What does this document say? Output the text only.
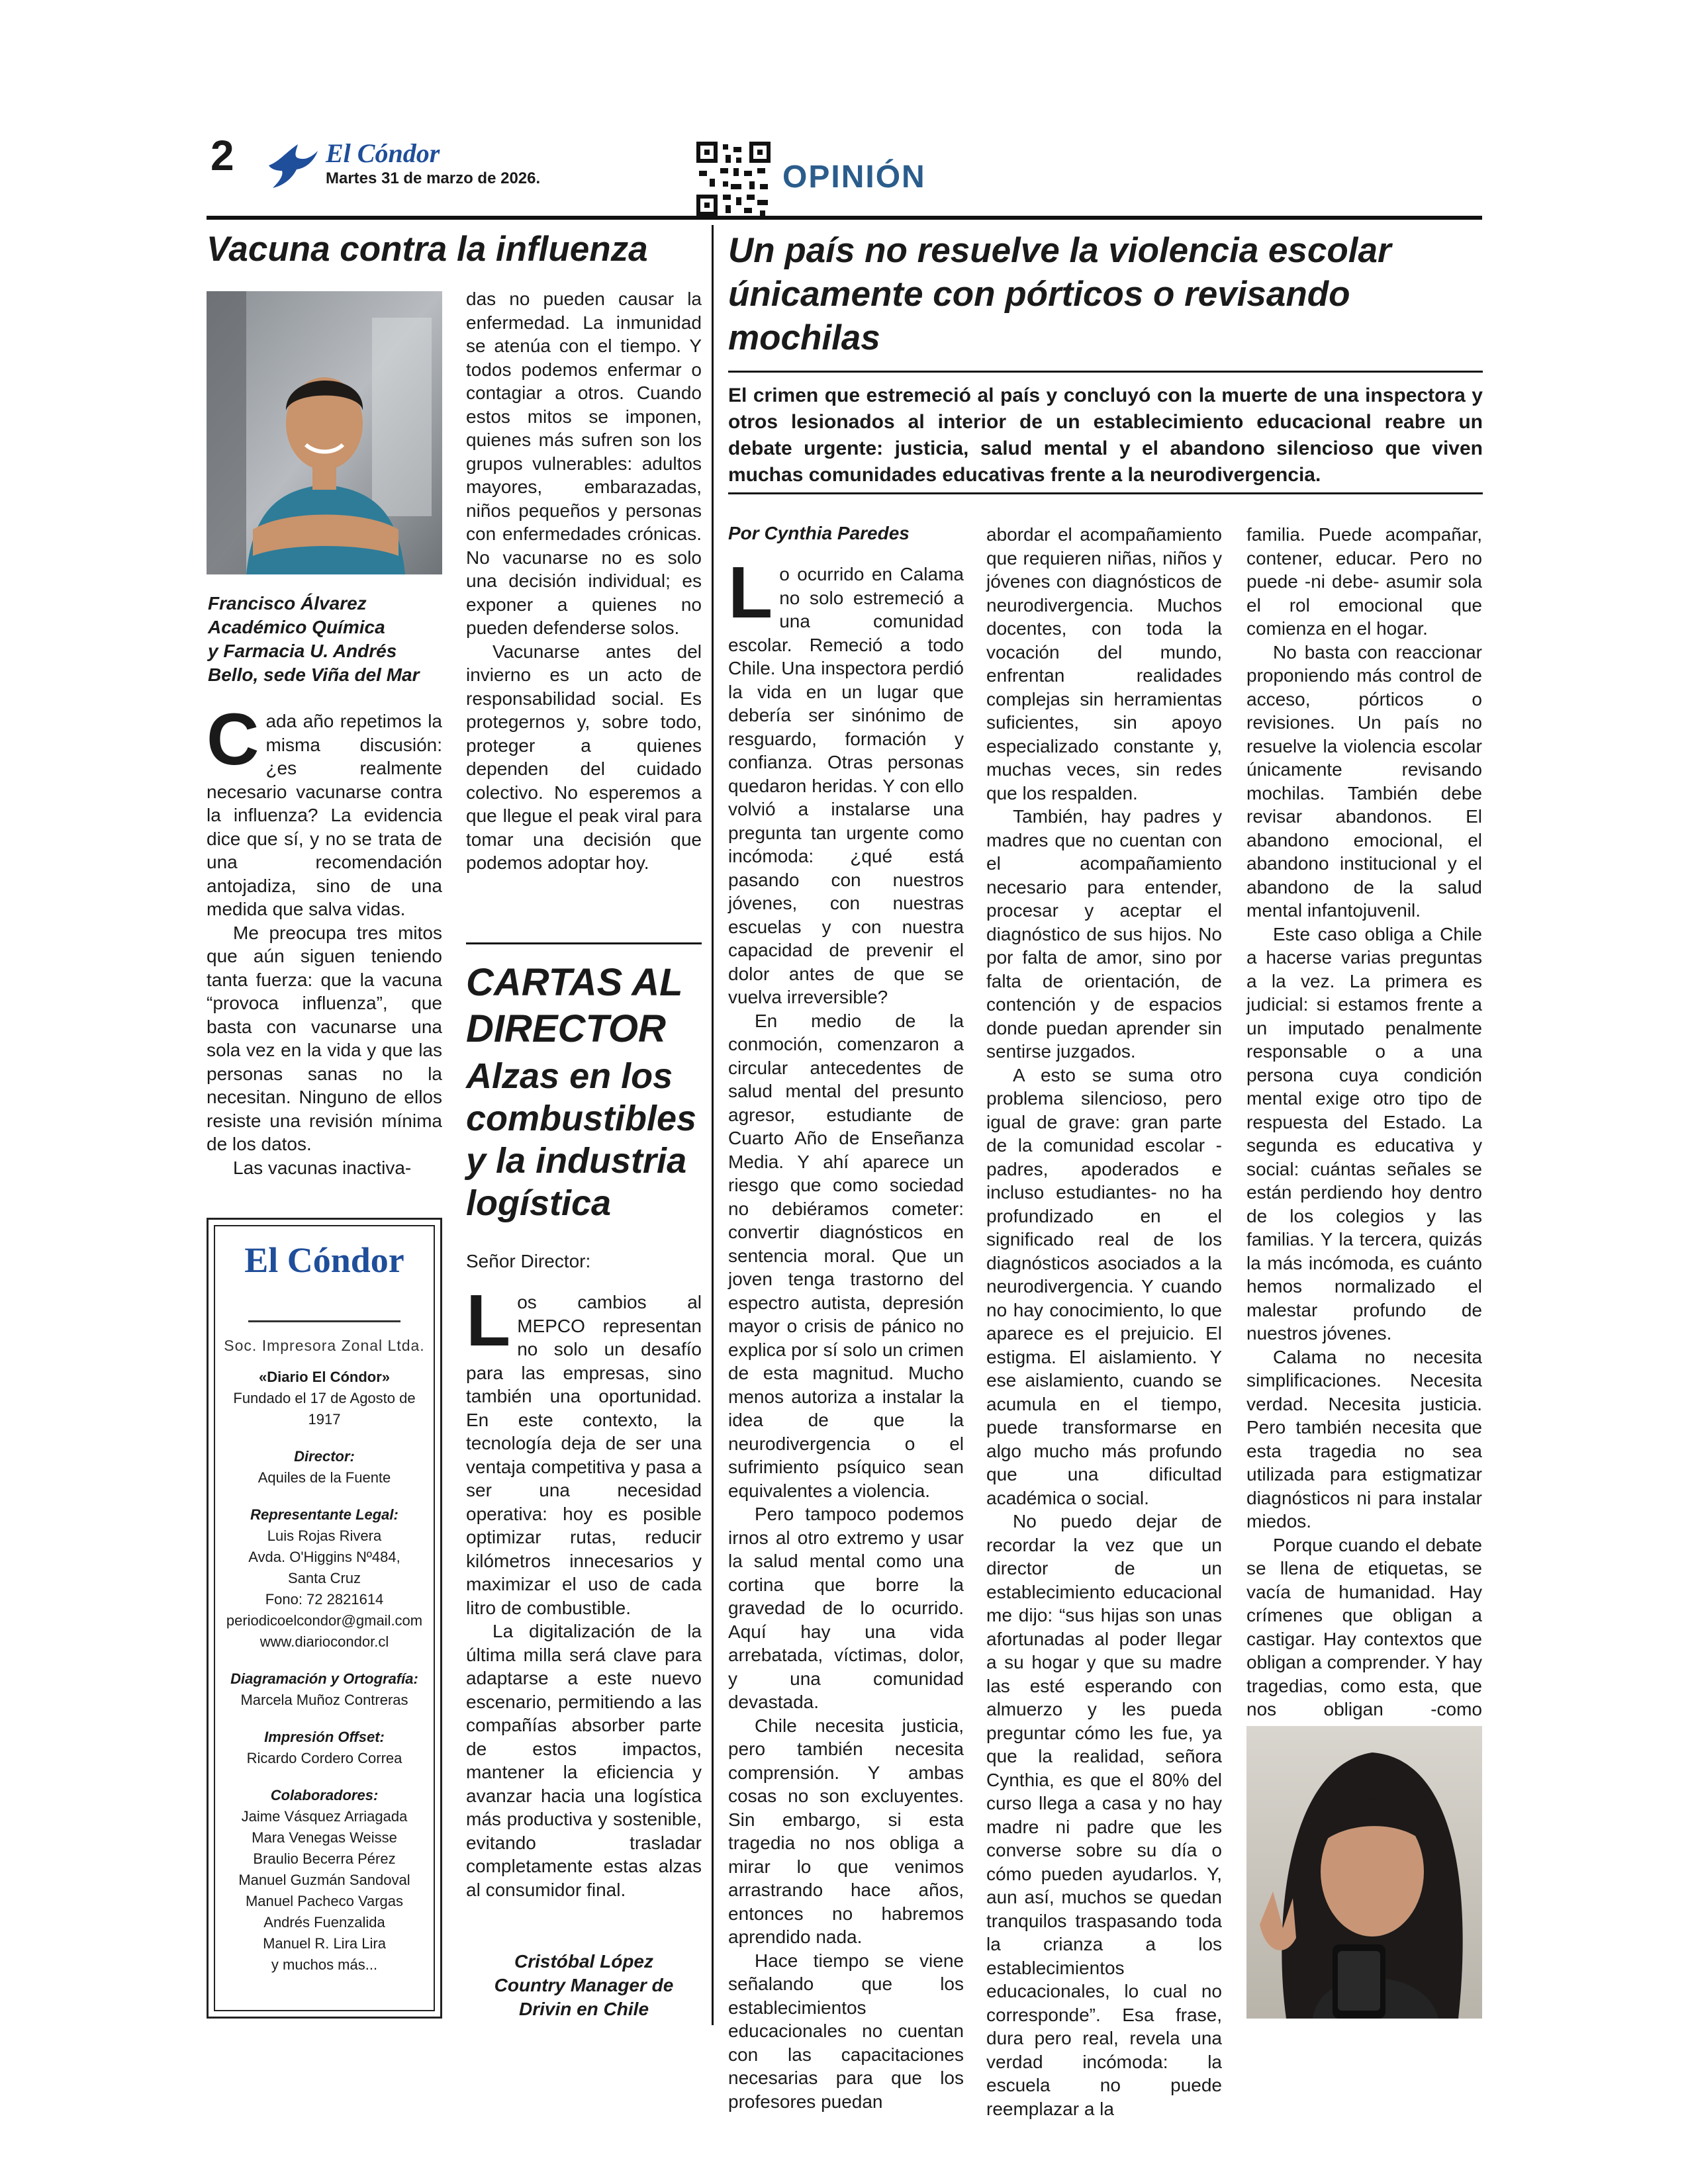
2	El Cóndor
Martes 31 de marzo de 2026.	OPINIÓN
Vacuna contra la influenza
Francisco Álvarez
Académico Química
y Farmacia U. Andrés
Bello, sede Viña del Mar

Cada año repetimos la misma discusión: ¿es realmente necesario vacunarse contra la influenza? La evidencia dice que sí, y no se trata de una recomendación antojadiza, sino de una medida que salva vidas.

Me preocupa tres mitos que aún siguen teniendo tanta fuerza: que la vacuna “provoca influenza”, que basta con vacunarse una sola vez en la vida y que las personas sanas no la necesitan. Ninguno de ellos resiste una revisión mínima de los datos.

Las vacunas inactiva-

das no pueden causar la enfermedad. La inmunidad se atenúa con el tiempo. Y todos podemos enfermar o contagiar a otros. Cuando estos mitos se imponen, quienes más sufren son los grupos vulnerables: adultos mayores, embarazadas, niños pequeños y personas con enfermedades crónicas. No vacunarse no es solo una decisión individual; es exponer a quienes no pueden defenderse solos.

Vacunarse antes del invierno es un acto de responsabilidad social. Es protegernos y, sobre todo, proteger a quienes dependen del cuidado colectivo. No esperemos a que llegue el peak viral para tomar una decisión que podemos adoptar hoy.

El Cóndor
Soc. Impresora Zonal Ltda.
«Diario El Cóndor»
Fundado el 17 de Agosto de 1917
Director:
Aquiles de la Fuente
Representante Legal:
Luis Rojas Rivera
Avda. O'Higgins Nº484,
Santa Cruz
Fono: 72 2821614
periodicoelcondor@gmail.com
www.diariocondor.cl
Diagramación y Ortografía:
Marcela Muñoz Contreras
Impresión Offset:
Ricardo Cordero Correa
Colaboradores:
Jaime Vásquez Arriagada
Mara Venegas Weisse
Braulio Becerra Pérez
Manuel Guzmán Sandoval
Manuel Pacheco Vargas
Andrés Fuenzalida
Manuel R. Lira Lira
y muchos más...
CARTAS AL DIRECTOR
Alzas en los combustibles y la industria logística
Señor Director:

Los cambios al MEPCO representan no solo un desafío para las empresas, sino también una oportunidad. En este contexto, la tecnología deja de ser una ventaja competitiva y pasa a ser una necesidad operativa: hoy es posible optimizar rutas, reducir kilómetros innecesarios y maximizar el uso de cada litro de combustible.

La digitalización de la última milla será clave para adaptarse a este nuevo escenario, permitiendo a las compañías absorber parte de estos impactos, mantener la eficiencia y avanzar hacia una logística más productiva y sostenible, evitando trasladar completamente estas alzas al consumidor final.

Cristóbal López
Country Manager de
Drivin en Chile
Un país no resuelve la violencia escolar únicamente con pórticos o revisando mochilas
El crimen que estremeció al país y concluyó con la muerte de una inspectora y otros lesionados al interior de un establecimiento educacional reabre un debate urgente: justicia, salud mental y el abandono silencioso que viven muchas comunidades educativas frente a la neurodivergencia.
Por Cynthia Paredes

Lo ocurrido en Calama no solo estremeció a una comunidad escolar. Remeció a todo Chile. Una inspectora perdió la vida en un lugar que debería ser sinónimo de resguardo, formación y confianza. Otras personas quedaron heridas. Y con ello volvió a instalarse una pregunta tan urgente como incómoda: ¿qué está pasando con nuestros jóvenes, con nuestras escuelas y con nuestra capacidad de prevenir el dolor antes de que se vuelva irreversible?

En medio de la conmoción, comenzaron a circular antecedentes de salud mental del presunto agresor, estudiante de Cuarto Año de Enseñanza Media. Y ahí aparece un riesgo que como sociedad no debiéramos cometer: convertir diagnósticos en sentencia moral. Que un joven tenga trastorno del espectro autista, depresión mayor o crisis de pánico no explica por sí solo un crimen de esta magnitud. Mucho menos autoriza a instalar la idea de que la neurodivergencia o el sufrimiento psíquico sean equivalentes a violencia.

Pero tampoco podemos irnos al otro extremo y usar la salud mental como una cortina que borre la gravedad de lo ocurrido. Aquí hay una vida arrebatada, víctimas, dolor, y una comunidad devastada.

Chile necesita justicia, pero también necesita comprensión. Y ambas cosas no son excluyentes. Sin embargo, si esta tragedia no nos obliga a mirar lo que venimos arrastrando hace años, entonces no habremos aprendido nada.

Hace tiempo se viene señalando que los establecimientos educacionales no cuentan con las capacitaciones necesarias para que los profesores puedan

abordar el acompañamiento que requieren niñas, niños y jóvenes con diagnósticos de neurodivergencia. Muchos docentes, con toda la vocación del mundo, enfrentan realidades complejas sin herramientas suficientes, sin apoyo especializado constante y, muchas veces, sin redes que los respalden.

También, hay padres y madres que no cuentan con el acompañamiento necesario para entender, procesar y aceptar el diagnóstico de sus hijos. No por falta de amor, sino por falta de orientación, de contención y de espacios donde puedan aprender sin sentirse juzgados.

A esto se suma otro problema silencioso, pero igual de grave: gran parte de la comunidad escolar -padres, apoderados e incluso estudiantes- no ha profundizado en el significado real de los diagnósticos asociados a la neurodivergencia. Y cuando no hay conocimiento, lo que aparece es el prejuicio. El estigma. El aislamiento. Y ese aislamiento, cuando se acumula en el tiempo, puede transformarse en algo mucho más profundo que una dificultad académica o social.

No puedo dejar de recordar la vez que un director de un establecimiento educacional me dijo: “sus hijas son unas afortunadas al poder llegar a su hogar y que su madre las esté esperando con almuerzo y les pueda preguntar cómo les fue, ya que la realidad, señora Cynthia, es que el 80% del curso llega a casa y no hay madre ni padre que les converse sobre su día o cómo pueden ayudarlos. Y, aun así, muchos se quedan tranquilos traspasando toda la crianza a los establecimientos educacionales, lo cual no corresponde”. Esa frase, dura pero real, revela una verdad incómoda: la escuela no puede reemplazar a la

familia. Puede acompañar, contener, educar. Pero no puede -ni debe- asumir sola el rol emocional que comienza en el hogar.

No basta con reaccionar proponiendo más control de acceso, pórticos o revisiones. Un país no resuelve la violencia escolar únicamente revisando mochilas. También debe revisar abandonos. El abandono emocional, el abandono institucional y el abandono de la salud mental infantojuvenil.

Este caso obliga a Chile a hacerse varias preguntas a la vez. La primera es judicial: si estamos frente a un imputado penalmente responsable o a una persona cuya condición mental exige otro tipo de respuesta del Estado. La segunda es educativa y social: cuántas señales se están perdiendo hoy dentro de los colegios y las familias. Y la tercera, quizás la más incómoda, es cuánto hemos normalizado el malestar profundo de nuestros jóvenes.

Calama no necesita simplificaciones. Necesita verdad. Necesita justicia. Pero también necesita que esta tragedia no sea utilizada para estigmatizar diagnósticos ni para instalar miedos.

Porque cuando el debate se llena de etiquetas, se vacía de humanidad. Hay crímenes que obligan a castigar. Hay contextos que obligan a comprender. Y hay tragedias, como esta, que nos obligan -como
